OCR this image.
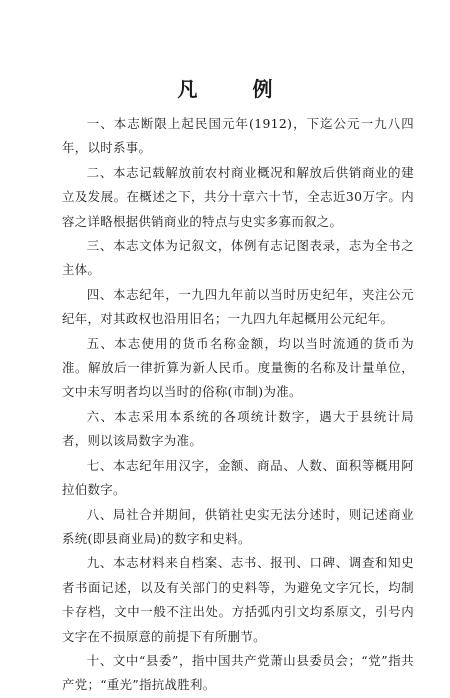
凡 例

一、本志断限上起民国元年(1912)，下迄公元一九八四年，以时系事。

二、本志记载解放前农村商业概况和解放后供销商业的建立及发展。在概述之下，共分十章六十节，全志近30万字。内容之详略根据供销商业的特点与史实多寡而叙之。

三、本志文体为记叙文，体例有志记图表录，志为全书之主体。

四、本志纪年，一九四九年前以当时历史纪年，夹注公元纪年，对其政权也沿用旧名；一九四九年起概用公元纪年。

五、本志使用的货币名称金额，均以当时流通的货币为准。解放后一律折算为新人民币。度量衡的名称及计量单位，文中未写明者均以当时的俗称(市制)为准。

六、本志采用本系统的各项统计数字，遇大于县统计局者，则以该局数字为准。

七、本志纪年用汉字，金额、商品、人数、面积等概用阿拉伯数字。

八、局社合并期间，供销社史实无法分述时，则记述商业系统(即县商业局)的数字和史料。

九、本志材料来自档案、志书、报刊、口碑、调查和知史者书面记述，以及有关部门的史料等，为避免文字冗长，均制卡存档，文中一般不注出处。方括弧内引文均系原文，引号内文字在不损原意的前提下有所删节。

十、文中“县委”，指中国共产党萧山县委员会；“党”指共产党；“重光”指抗战胜利。
